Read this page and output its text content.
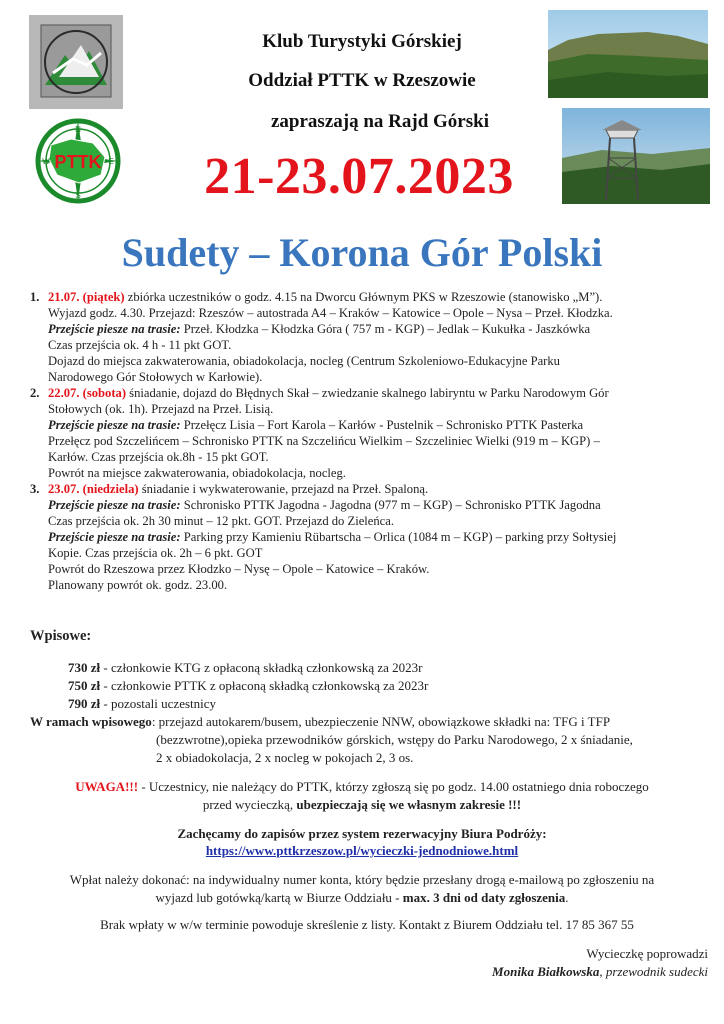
PTTK
N
S
W	E
Klub Turystyki Górskiej
Oddział PTTK w Rzeszowie
zapraszają na Rajd Górski
21-23.07.2023
Sudety – Korona Gór Polski
1. 21.07. (piątek) zbiórka uczestników o godz. 4.15 na Dworcu Głównym PKS w Rzeszowie (stanowisko „M”).
Wyjazd godz. 4.30. Przejazd: Rzeszów – autostrada A4 – Kraków – Katowice – Opole – Nysa – Przeł. Kłodzka.
Przejście piesze na trasie: Przeł. Kłodzka – Kłodzka Góra ( 757 m - KGP) – Jedlak – Kukułka - Jaszkówka
Czas przejścia ok. 4 h - 11 pkt GOT.
Dojazd do miejsca zakwaterowania, obiadokolacja, nocleg (Centrum Szkoleniowo-Edukacyjne Parku
Narodowego Gór Stołowych w Karłowie).
2. 22.07. (sobota) śniadanie, dojazd do Błędnych Skał – zwiedzanie skalnego labiryntu w Parku Narodowym Gór
Stołowych (ok. 1h). Przejazd na Przeł. Lisią.
Przejście piesze na trasie: Przełęcz Lisia – Fort Karola – Karłów - Pustelnik – Schronisko PTTK Pasterka
Przełęcz pod Szczelińcem – Schronisko PTTK na Szczelińcu Wielkim – Szczeliniec Wielki (919 m – KGP) –
Karłów. Czas przejścia ok.8h - 15 pkt GOT.
Powrót na miejsce zakwaterowania, obiadokolacja, nocleg.
3. 23.07. (niedziela) śniadanie i wykwaterowanie, przejazd na Przeł. Spaloną.
Przejście piesze na trasie: Schronisko PTTK Jagodna - Jagodna (977 m – KGP) – Schronisko PTTK Jagodna
Czas przejścia ok. 2h 30 minut – 12 pkt. GOT. Przejazd do Zieleńca.
Przejście piesze na trasie: Parking przy Kamieniu Rübartscha – Orlica (1084 m – KGP) – parking przy Sołtysiej
Kopie. Czas przejścia ok. 2h – 6 pkt. GOT
Powrót do Rzeszowa przez Kłodzko – Nysę – Opole – Katowice – Kraków.
Planowany powrót ok. godz. 23.00.
Wpisowe:
730 zł - członkowie KTG z opłaconą składką członkowską za 2023r
750 zł - członkowie PTTK z opłaconą składką członkowską za 2023r
790 zł - pozostali uczestnicy
W ramach wpisowego: przejazd autokarem/busem, ubezpieczenie NNW, obowiązkowe składki na: TFG i TFP
(bezzwrotne),opieka przewodników górskich, wstępy do Parku Narodowego, 2 x śniadanie,
2 x obiadokolacja, 2 x nocleg w pokojach 2, 3 os.
UWAGA!!! - Uczestnicy, nie należący do PTTK, którzy zgłoszą się po godz. 14.00 ostatniego dnia roboczego
przed wycieczką, ubezpieczają się we własnym zakresie !!!
Zachęcamy do zapisów przez system rezerwacyjny Biura Podróży:
https://www.pttkrzeszow.pl/wycieczki-jednodniowe.html
Wpłat należy dokonać: na indywidualny numer konta, który będzie przesłany drogą e-mailową po zgłoszeniu na
wyjazd lub gotówką/kartą w Biurze Oddziału - max. 3 dni od daty zgłoszenia.
Brak wpłaty w w/w terminie powoduje skreślenie z listy. Kontakt z Biurem Oddziału tel. 17 85 367 55
Wycieczkę poprowadzi
Monika Białkowska, przewodnik sudecki
